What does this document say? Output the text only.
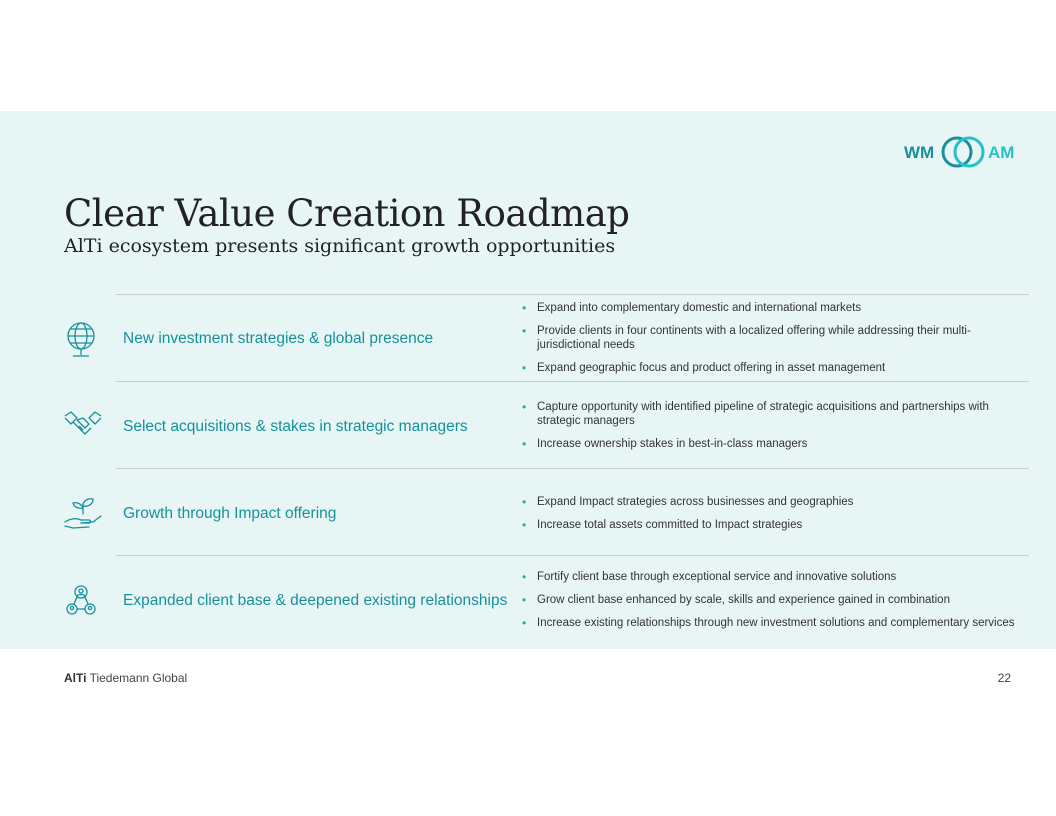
WM	AM
Clear Value Creation Roadmap
AlTi ecosystem presents significant growth opportunities
New investment strategies & global presence
• Expand into complementary domestic and international markets
• Provide clients in four continents with a localized offering while addressing their multi-jurisdictional needs
• Expand geographic focus and product offering in asset management
Select acquisitions & stakes in strategic managers
• Capture opportunity with identified pipeline of strategic acquisitions and partnerships with strategic managers
• Increase ownership stakes in best-in-class managers
Growth through Impact offering
• Expand Impact strategies across businesses and geographies
• Increase total assets committed to Impact strategies
Expanded client base & deepened existing relationships
• Fortify client base through exceptional service and innovative solutions
• Grow client base enhanced by scale, skills and experience gained in combination
• Increase existing relationships through new investment solutions and complementary services
AlTi Tiedemann Global	22
